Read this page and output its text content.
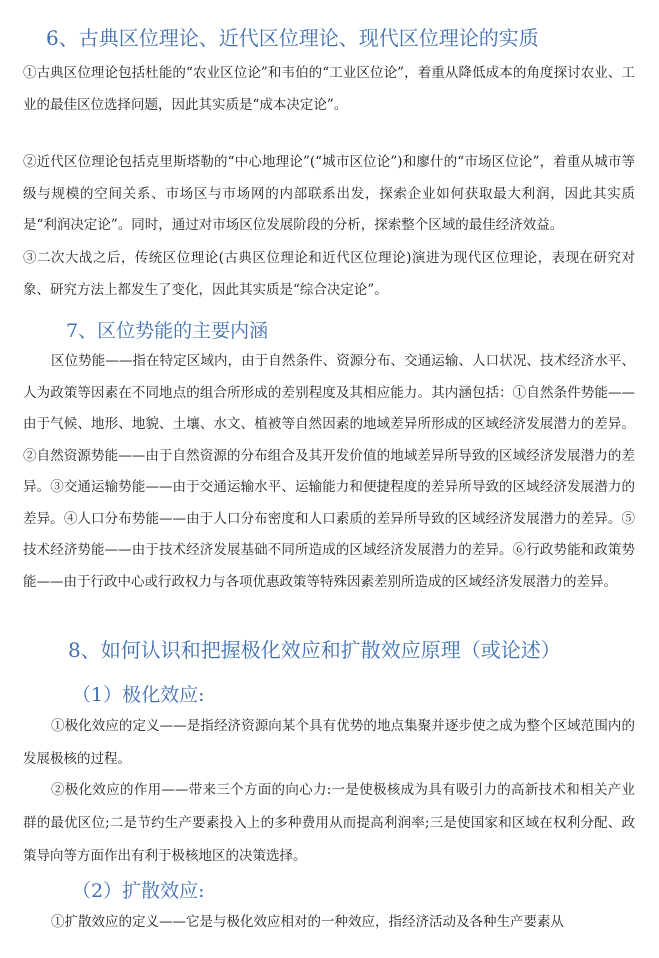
6、古典区位理论、近代区位理论、现代区位理论的实质

①古典区位理论包括杜能的“农业区位论”和韦伯的“工业区位论”，着重从降低成本的角度探讨农业、工业的最佳区位选择问题，因此其实质是“成本决定论”。

②近代区位理论包括克里斯塔勒的“中心地理论”(“城市区位论”)和廖什的“市场区位论”，着重从城市等级与规模的空间关系、市场区与市场网的内部联系出发，探索企业如何获取最大利润，因此其实质是“利润决定论”。同时，通过对市场区位发展阶段的分析，探索整个区域的最佳经济效益。

③二次大战之后，传统区位理论(古典区位理论和近代区位理论)演进为现代区位理论，表现在研究对象、研究方法上都发生了变化，因此其实质是“综合决定论”。

7、区位势能的主要内涵

区位势能——指在特定区域内，由于自然条件、资源分布、交通运输、人口状况、技术经济水平、人为政策等因素在不同地点的组合所形成的差别程度及其相应能力。其内涵包括：①自然条件势能——由于气候、地形、地貌、土壤、水文、植被等自然因素的地域差异所形成的区域经济发展潜力的差异。 ②自然资源势能——由于自然资源的分布组合及其开发价值的地域差异所导致的区域经济发展潜力的差异。③交通运输势能——由于交通运输水平、运输能力和便捷程度的差异所导致的区域经济发展潜力的差异。④人口分布势能——由于人口分布密度和人口素质的差异所导致的区域经济发展潜力的差异。⑤技术经济势能——由于技术经济发展基础不同所造成的区域经济发展潜力的差异。⑥行政势能和政策势能——由于行政中心或行政权力与各项优惠政策等特殊因素差别所造成的区域经济发展潜力的差异。

8、如何认识和把握极化效应和扩散效应原理（或论述）
（1）极化效应:

①极化效应的定义——是指经济资源向某个具有优势的地点集聚并逐步使之成为整个区域范围内的发展极核的过程。

②极化效应的作用——带来三个方面的向心力:一是使极核成为具有吸引力的高新技术和相关产业群的最优区位;二是节约生产要素投入上的多种费用从而提高利润率;三是使国家和区域在权利分配、政策导向等方面作出有利于极核地区的决策选择。

（2）扩散效应:

①扩散效应的定义——它是与极化效应相对的一种效应，指经济活动及各种生产要素从
